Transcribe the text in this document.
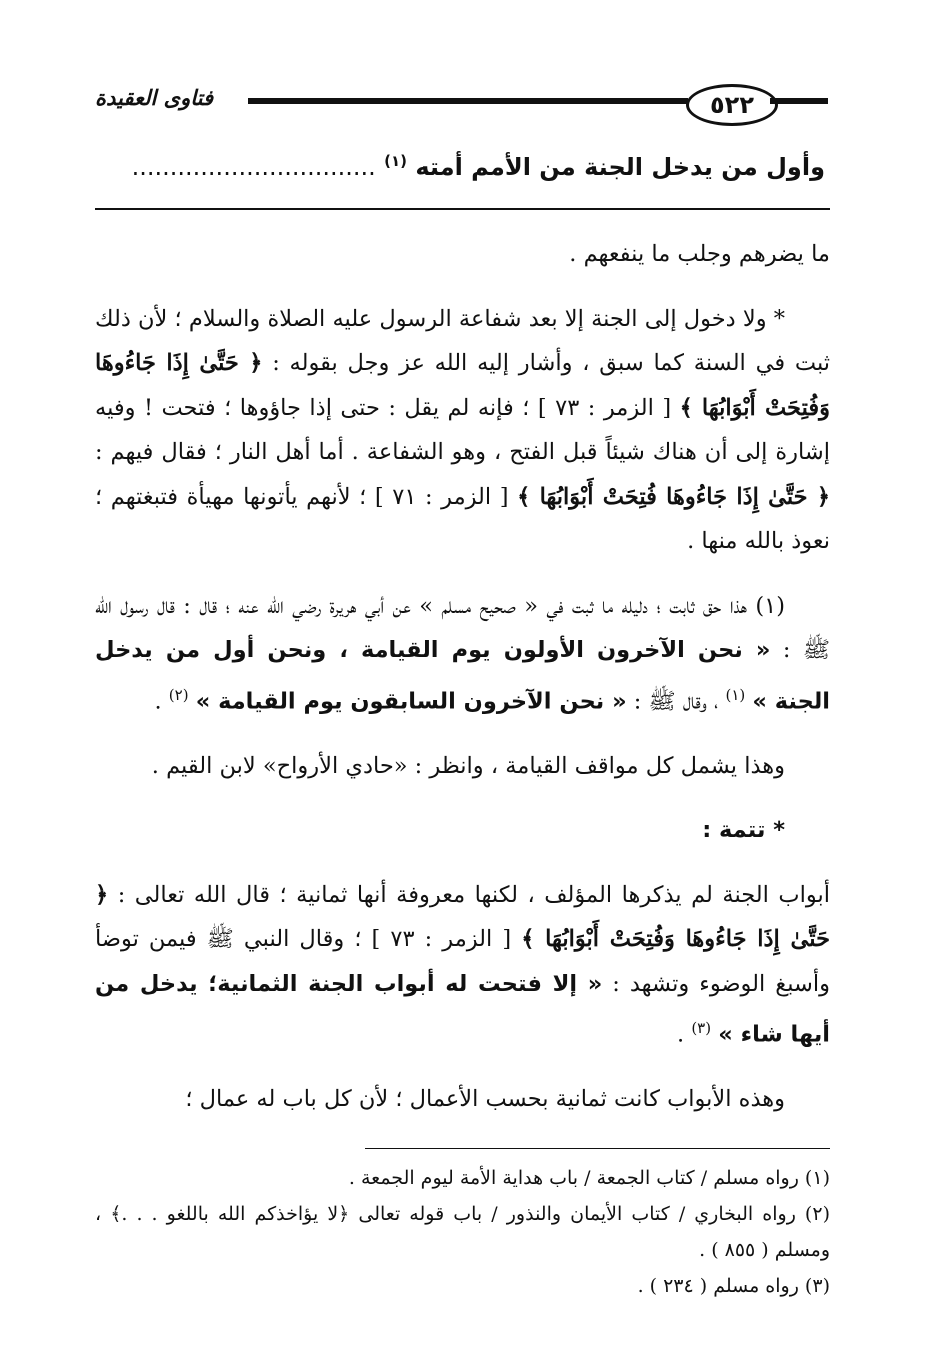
فتاوى العقيدة	٥٢٢
وأول من يدخل الجنة من الأمم أمته $^{(١)}$ ................................

ما يضرهم وجلب ما ينفعهم .

* ولا دخول إلى الجنة إلا بعد شفاعة الرسول عليه الصلاة والسلام ؛ لأن ذلك ثبت في السنة كما سبق ، وأشار إليه الله عز وجل بقوله : ﴿ حَتَّىٰ إِذَا جَاءُوهَا وَفُتِحَتْ أَبْوَابُهَا ﴾ [ الزمر : ٧٣ ] ؛ فإنه لم يقل : حتى إذا جاؤوها ؛ فتحت ! وفيه إشارة إلى أن هناك شيئاً قبل الفتح ، وهو الشفاعة . أما أهل النار ؛ فقال فيهم : ﴿ حَتَّىٰ إِذَا جَاءُوهَا فُتِحَتْ أَبْوَابُهَا ﴾ [ الزمر : ٧١ ] ؛ لأنهم يأتونها مهيأة فتبغتهم ؛ نعوذ بالله منها .

(١) هذا حق ثابت ؛ دليله ما ثبت في « صحيح مسلم » عن أبي هريرة رضي الله عنه ؛ قال : قال رسول الله ﷺ : « نحن الآخرون الأولون يوم القيامة ، ونحن أول من يدخل الجنة » $^{(١)}$ ، وقال ﷺ : « نحن الآخرون السابقون يوم القيامة » $^{(٢)}$ .

وهذا يشمل كل مواقف القيامة ، وانظر : «حادي الأرواح» لابن القيم .

* تتمة :

أبواب الجنة لم يذكرها المؤلف ، لكنها معروفة أنها ثمانية ؛ قال الله تعالى : ﴿ حَتَّىٰ إِذَا جَاءُوهَا وَفُتِحَتْ أَبْوَابُهَا ﴾ [ الزمر : ٧٣ ] ؛ وقال النبي ﷺ فيمن توضأ وأسبغ الوضوء وتشهد : « إلا فتحت له أبواب الجنة الثمانية؛ يدخل من أيها شاء » $^{(٣)}$ .

وهذه الأبواب كانت ثمانية بحسب الأعمال ؛ لأن كل باب له عمال ؛

(١) رواه مسلم / كتاب الجمعة / باب هداية الأمة ليوم الجمعة .

(٢) رواه البخاري / كتاب الأيمان والنذور / باب قوله تعالى ﴿لا يؤاخذكم الله باللغو . . .﴾ ، ومسلم ( ٨٥٥ ) .

(٣) رواه مسلم ( ٢٣٤ ) .
